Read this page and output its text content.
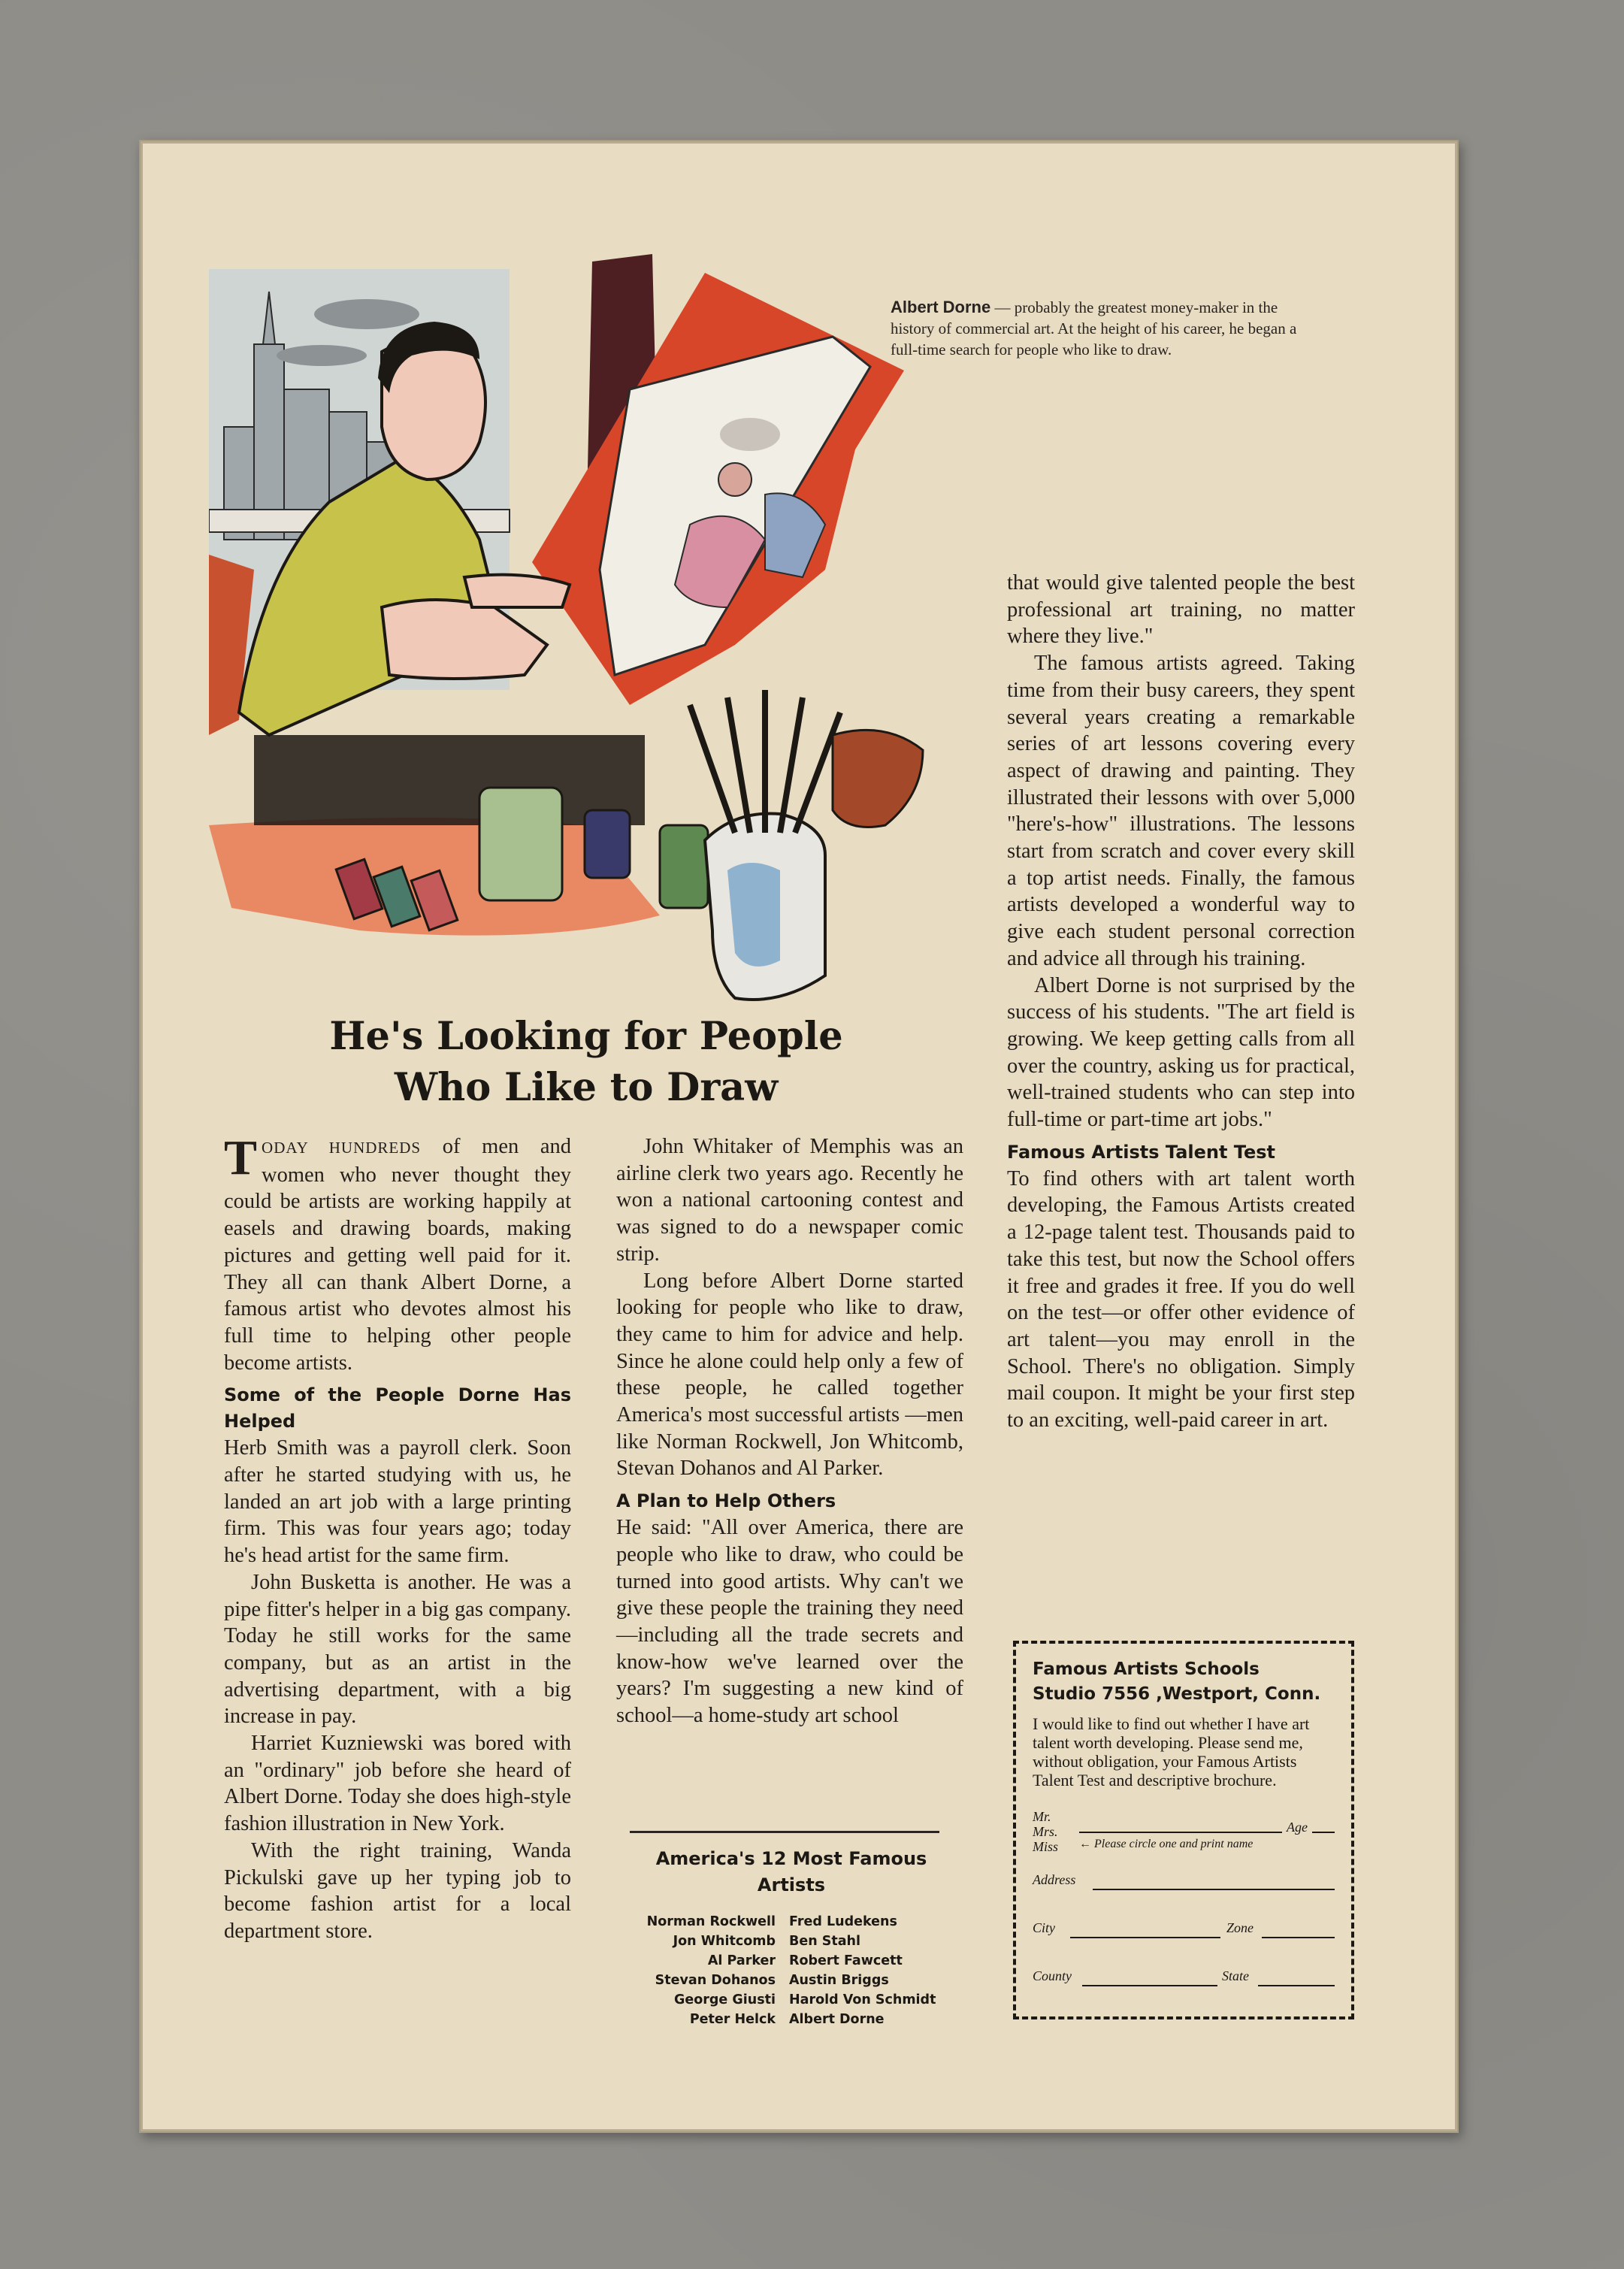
Albert Dorne — probably the greatest money-maker in the history of commercial art. At the height of his career, he began a full-time search for people who like to draw.
He's Looking for People
Who Like to Draw

TODAY HUNDREDS of men and women who never thought they could be artists are working happily at easels and drawing boards, making pictures and getting well paid for it. They all can thank Albert Dorne, a famous artist who devotes almost his full time to helping other people become artists.

Some of the People Dorne Has Helped

Herb Smith was a payroll clerk. Soon after he started studying with us, he landed an art job with a large printing firm. This was four years ago; today he's head artist for the same firm.

John Busketta is another. He was a pipe fitter's helper in a big gas company. Today he still works for the same company, but as an artist in the advertising department, with a big increase in pay.

Harriet Kuzniewski was bored with an "ordinary" job before she heard of Albert Dorne. Today she does high-style fashion illustration in New York.

With the right training, Wanda Pickulski gave up her typing job to become fashion artist for a local department store.

John Whitaker of Memphis was an airline clerk two years ago. Recently he won a national cartooning contest and was signed to do a newspaper comic strip.

Long before Albert Dorne started looking for people who like to draw, they came to him for advice and help. Since he alone could help only a few of these people, he called together America's most successful artists —men like Norman Rockwell, Jon Whitcomb, Stevan Dohanos and Al Parker.

A Plan to Help Others

He said: "All over America, there are people who like to draw, who could be turned into good artists. Why can't we give these people the training they need—including all the trade secrets and know-how we've learned over the years? I'm suggesting a new kind of school—a home-study art school

America's 12 Most Famous Artists
Norman Rockwell	Fred Ludekens
Jon Whitcomb	Ben Stahl
Al Parker	Robert Fawcett
Stevan Dohanos	Austin Briggs
George Giusti	Harold Von Schmidt
Peter Helck	Albert Dorne

that would give talented people the best professional art training, no matter where they live."

The famous artists agreed. Taking time from their busy careers, they spent several years creating a remarkable series of art lessons covering every aspect of drawing and painting. They illustrated their lessons with over 5,000 "here's-how" illustrations. The lessons start from scratch and cover every skill a top artist needs. Finally, the famous artists developed a wonderful way to give each student personal correction and advice all through his training.

Albert Dorne is not surprised by the success of his students. "The art field is growing. We keep getting calls from all over the country, asking us for practical, well-trained students who can step into full-time or part-time art jobs."

Famous Artists Talent Test

To find others with art talent worth developing, the Famous Artists created a 12-page talent test. Thousands paid to take this test, but now the School offers it free and grades it free. If you do well on the test—or offer other evidence of art talent—you may enroll in the School. There's no obligation. Simply mail coupon. It might be your first step to an exciting, well-paid career in art.

Famous Artists Schools
Studio 7556 ,Westport, Conn.
I would like to find out whether I have art talent worth developing. Please send me, without obligation, your Famous Artists Talent Test and descriptive brochure.
Mr.
Mrs.
Miss
Age
← Please circle one and print name
Address
City	Zone
County	State
